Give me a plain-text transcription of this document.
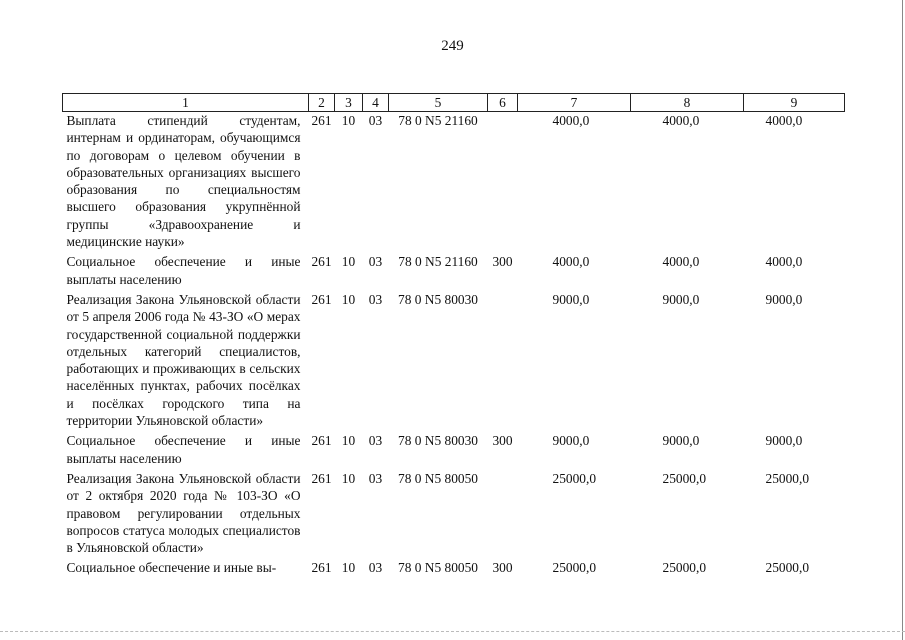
249
1	2	3	4	5	6	7	8	9
Выплата стипендий студентам, интернам и ординаторам, обучающимся по договорам о целевом обучении в образовательных организациях высшего образования по специальностям высшего образования укрупнённой группы «Здравоохранение и медицинские науки»	261	10	03	78 0 N5 21160		4000,0	4000,0	4000,0
Социальное обеспечение и иные выплаты населению	261	10	03	78 0 N5 21160	300	4000,0	4000,0	4000,0
Реализация Закона Ульяновской области от 5 апреля 2006 года № 43-ЗО «О мерах государственной социальной поддержки отдельных категорий специалистов, работающих и проживающих в сельских населённых пунктах, рабочих посёлках и посёлках городского типа на территории Ульяновской области»	261	10	03	78 0 N5 80030		9000,0	9000,0	9000,0
Социальное обеспечение и иные выплаты населению	261	10	03	78 0 N5 80030	300	9000,0	9000,0	9000,0
Реализация Закона Ульяновской области от 2 октября 2020 года № 103-ЗО «О правовом регулировании отдельных вопросов статуса молодых специалистов в Ульяновской области»	261	10	03	78 0 N5 80050		25000,0	25000,0	25000,0
Социальное обеспечение и иные вы-	261	10	03	78 0 N5 80050	300	25000,0	25000,0	25000,0
